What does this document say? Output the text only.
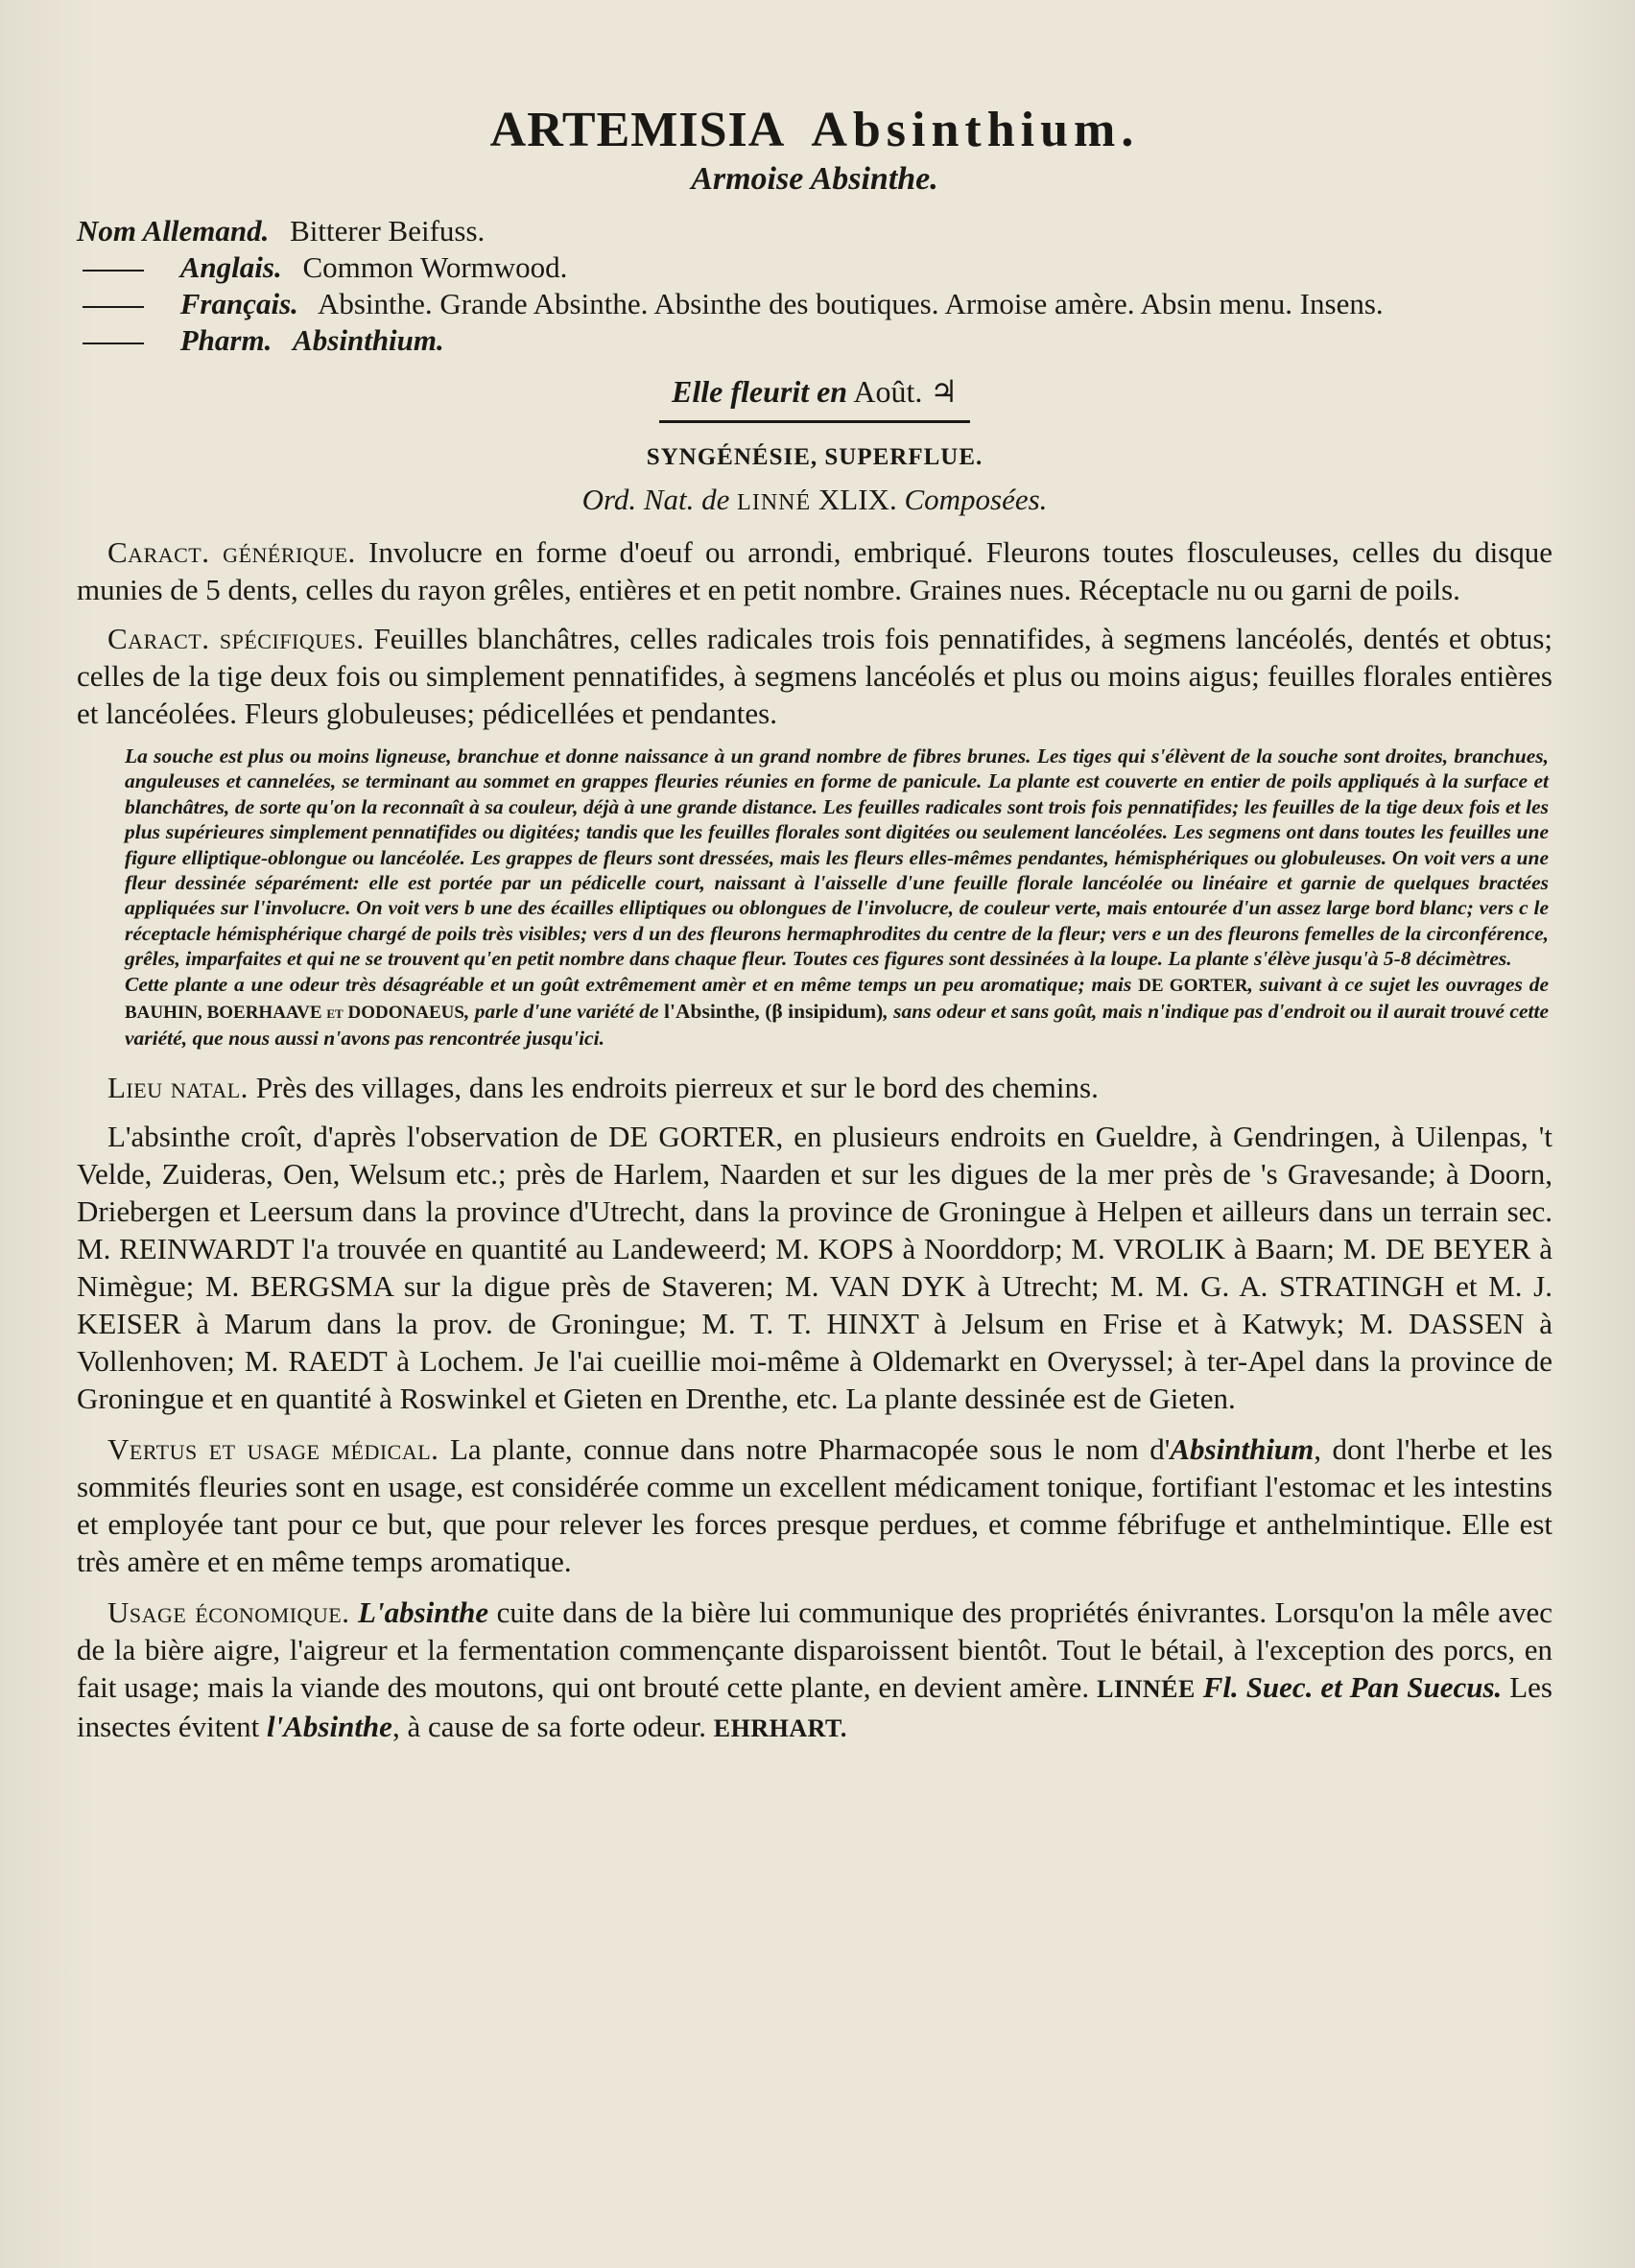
ARTEMISIA Absinthium.
Armoise Absinthe.
Nom Allemand. Bitterer Beifuss.
Anglais. Common Wormwood.
Français. Absinthe. Grande Absinthe. Absinthe des boutiques. Armoise amère. Absin menu. Insens.
Pharm. Absinthium.
Elle fleurit en Août. ♃
SYNGÉNÉSIE, SUPERFLUE.
Ord. Nat. de LINNÉ XLIX. Composées.

Caract. générique. Involucre en forme d'oeuf ou arrondi, embriqué. Fleurons toutes flosculeuses, celles du disque munies de 5 dents, celles du rayon grêles, entières et en petit nombre. Graines nues. Réceptacle nu ou garni de poils.

Caract. spécifiques. Feuilles blanchâtres, celles radicales trois fois pennatifides, à segmens lancéolés, dentés et obtus; celles de la tige deux fois ou simplement pennatifides, à segmens lancéolés et plus ou moins aigus; feuilles florales entières et lancéolées. Fleurs globuleuses; pédicellées et pendantes.

La souche est plus ou moins ligneuse, branchue et donne naissance à un grand nombre de fibres brunes. Les tiges qui s'élèvent de la souche sont droites, branchues, anguleuses et cannelées, se terminant au sommet en grappes fleuries réunies en forme de panicule. La plante est couverte en entier de poils appliqués à la surface et blanchâtres, de sorte qu'on la reconnaît à sa couleur, déjà à une grande distance. Les feuilles radicales sont trois fois pennatifides; les feuilles de la tige deux fois et les plus supérieures simplement pennatifides ou digitées; tandis que les feuilles florales sont digitées ou seulement lancéolées. Les segmens ont dans toutes les feuilles une figure elliptique-oblongue ou lancéolée. Les grappes de fleurs sont dressées, mais les fleurs elles-mêmes pendantes, hémisphériques ou globuleuses. On voit vers a une fleur dessinée séparément: elle est portée par un pédicelle court, naissant à l'aisselle d'une feuille florale lancéolée ou linéaire et garnie de quelques bractées appliquées sur l'involucre. On voit vers b une des écailles elliptiques ou oblongues de l'involucre, de couleur verte, mais entourée d'un assez large bord blanc; vers c le réceptacle hémisphérique chargé de poils très visibles; vers d un des fleurons hermaphrodites du centre de la fleur; vers e un des fleurons femelles de la circonférence, grêles, imparfaites et qui ne se trouvent qu'en petit nombre dans chaque fleur. Toutes ces figures sont dessinées à la loupe. La plante s'élève jusqu'à 5-8 décimètres.

Cette plante a une odeur très désagréable et un goût extrêmement amèr et en même temps un peu aromatique; mais DE GORTER, suivant à ce sujet les ouvrages de BAUHIN, BOERHAAVE et DODONAEUS, parle d'une variété de l'Absinthe, (β insipidum), sans odeur et sans goût, mais n'indique pas d'endroit ou il aurait trouvé cette variété, que nous aussi n'avons pas rencontrée jusqu'ici.

Lieu natal. Près des villages, dans les endroits pierreux et sur le bord des chemins.

L'absinthe croît, d'après l'observation de DE GORTER, en plusieurs endroits en Gueldre, à Gendringen, à Uilenpas, 't Velde, Zuideras, Oen, Welsum etc.; près de Harlem, Naarden et sur les digues de la mer près de 's Gravesande; à Doorn, Driebergen et Leersum dans la province d'Utrecht, dans la province de Groningue à Helpen et ailleurs dans un terrain sec. M. REINWARDT l'a trouvée en quantité au Landeweerd; M. KOPS à Noorddorp; M. VROLIK à Baarn; M. DE BEYER à Nimègue; M. BERGSMA sur la digue près de Staveren; M. VAN DYK à Utrecht; M. M. G. A. STRATINGH et M. J. KEISER à Marum dans la prov. de Groningue; M. T. T. HINXT à Jelsum en Frise et à Katwyk; M. DASSEN à Vollenhoven; M. RAEDT à Lochem. Je l'ai cueillie moi-même à Oldemarkt en Overyssel; à ter-Apel dans la province de Groningue et en quantité à Roswinkel et Gieten en Drenthe, etc. La plante dessinée est de Gieten.

Vertus et usage médical. La plante, connue dans notre Pharmacopée sous le nom d'Absinthium, dont l'herbe et les sommités fleuries sont en usage, est considérée comme un excellent médicament tonique, fortifiant l'estomac et les intestins et employée tant pour ce but, que pour relever les forces presque perdues, et comme fébrifuge et anthelmintique. Elle est très amère et en même temps aromatique.

Usage économique. L'absinthe cuite dans de la bière lui communique des propriétés énivrantes. Lorsqu'on la mêle avec de la bière aigre, l'aigreur et la fermentation commençante disparoissent bientôt. Tout le bétail, à l'exception des porcs, en fait usage; mais la viande des moutons, qui ont brouté cette plante, en devient amère. LINNÉE Fl. Suec. et Pan Suecus. Les insectes évitent l'Absinthe, à cause de sa forte odeur. EHRHART.
